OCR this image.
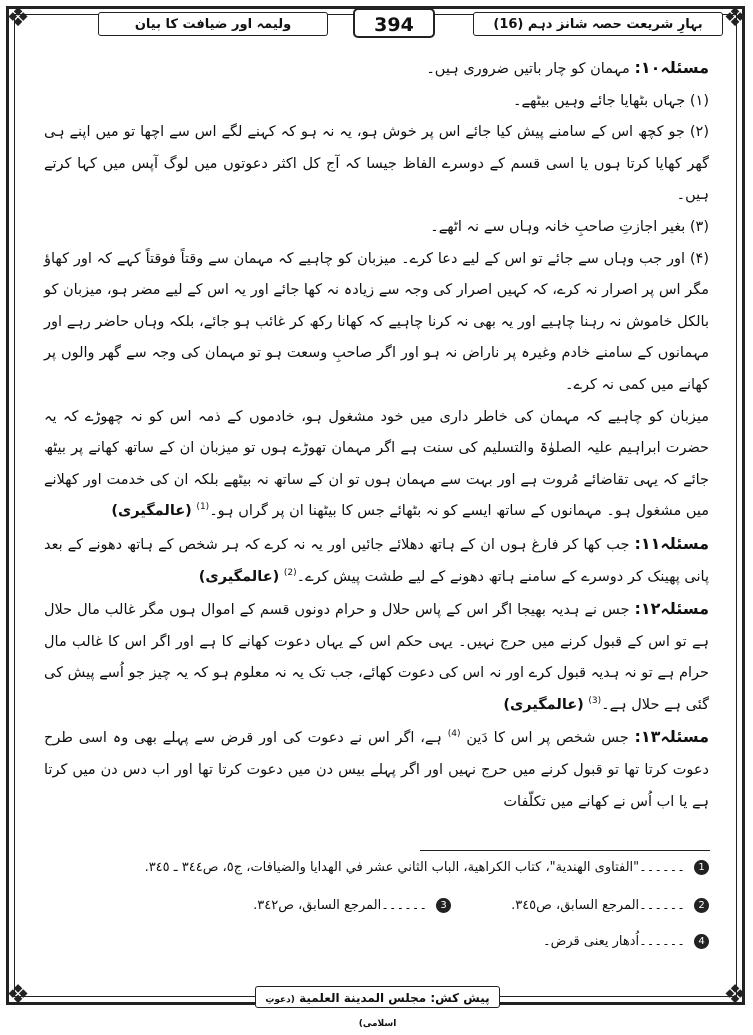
❖	❖
❖	❖
بہارِ شریعت حصہ شانز دہم (16)
394
ولیمہ اور ضیافت کا بیان

مسئلہ۱۰: مہمان کو چار باتیں ضروری ہیں۔

(۱) جہاں بٹھایا جائے وہیں بیٹھے۔

(۲) جو کچھ اس کے سامنے پیش کیا جائے اس پر خوش ہو، یہ نہ ہو کہ کہنے لگے اس سے اچھا تو میں اپنے ہی گھر کھایا کرتا ہوں یا اسی قسم کے دوسرے الفاظ جیسا کہ آج کل اکثر دعوتوں میں لوگ آپس میں کہا کرتے ہیں۔

(۳) بغیر اجازتِ صاحبِ خانہ وہاں سے نہ اٹھے۔

(۴) اور جب وہاں سے جائے تو اس کے لیے دعا کرے۔ میزبان کو چاہیے کہ مہمان سے وقتاً فوقتاً کہے کہ اور کھاؤ مگر اس پر اصرار نہ کرے، کہ کہیں اصرار کی وجہ سے زیادہ نہ کھا جائے اور یہ اس کے لیے مضر ہو، میزبان کو بالکل خاموش نہ رہنا چاہیے اور یہ بھی نہ کرنا چاہیے کہ کھانا رکھ کر غائب ہو جائے، بلکہ وہاں حاضر رہے اور مہمانوں کے سامنے خادم وغیرہ پر ناراض نہ ہو اور اگر صاحبِ وسعت ہو تو مہمان کی وجہ سے گھر والوں پر کھانے میں کمی نہ کرے۔

میزبان کو چاہیے کہ مہمان کی خاطر داری میں خود مشغول ہو، خادموں کے ذمہ اس کو نہ چھوڑے کہ یہ حضرت ابراہیم علیہ الصلوٰۃ والتسلیم کی سنت ہے اگر مہمان تھوڑے ہوں تو میزبان ان کے ساتھ کھانے پر بیٹھ جائے کہ یہی تقاضائے مُروت ہے اور بہت سے مہمان ہوں تو ان کے ساتھ نہ بیٹھے بلکہ ان کی خدمت اور کھلانے میں مشغول ہو۔ مہمانوں کے ساتھ ایسے کو نہ بٹھائے جس کا بیٹھنا ان پر گراں ہو۔$^{(1)}$ (عالمگیری)

مسئلہ۱۱: جب کھا کر فارغ ہوں ان کے ہاتھ دھلائے جائیں اور یہ نہ کرے کہ ہر شخص کے ہاتھ دھونے کے بعد پانی پھینک کر دوسرے کے سامنے ہاتھ دھونے کے لیے طشت پیش کرے۔$^{(2)}$ (عالمگیری)

مسئلہ۱۲: جس نے ہدیہ بھیجا اگر اس کے پاس حلال و حرام دونوں قسم کے اموال ہوں مگر غالب مال حلال ہے تو اس کے قبول کرنے میں حرج نہیں۔ یہی حکم اس کے یہاں دعوت کھانے کا ہے اور اگر اس کا غالب مال حرام ہے تو نہ ہدیہ قبول کرے اور نہ اس کی دعوت کھائے، جب تک یہ نہ معلوم ہو کہ یہ چیز جو اُسے پیش کی گئی ہے حلال ہے۔$^{(3)}$ (عالمگیری)

مسئلہ۱۳: جس شخص پر اس کا دَین $^{(4)}$ ہے، اگر اس نے دعوت کی اور قرض سے پہلے بھی وہ اسی طرح دعوت کرتا تھا تو قبول کرنے میں حرج نہیں اور اگر پہلے بیس دن میں دعوت کرتا تھا اور اب دس دن میں کرتا ہے یا اب اُس نے کھانے میں تکلّفات

1 ۔۔۔۔۔۔"الفتاوى الهندية"، كتاب الكراهية، الباب الثاني عشر في الهدايا والضيافات، ج٥، ص٣٤٤ ـ ٣٤٥.
2 ۔۔۔۔۔۔المرجع السابق، ص٣٤٥.
3 ۔۔۔۔۔۔المرجع السابق، ص٣٤٢.
4 ۔۔۔۔۔۔اُدھار یعنی قرض۔
پیش کش: مجلس المدينة العلمية (دعوتِ اسلامی)
